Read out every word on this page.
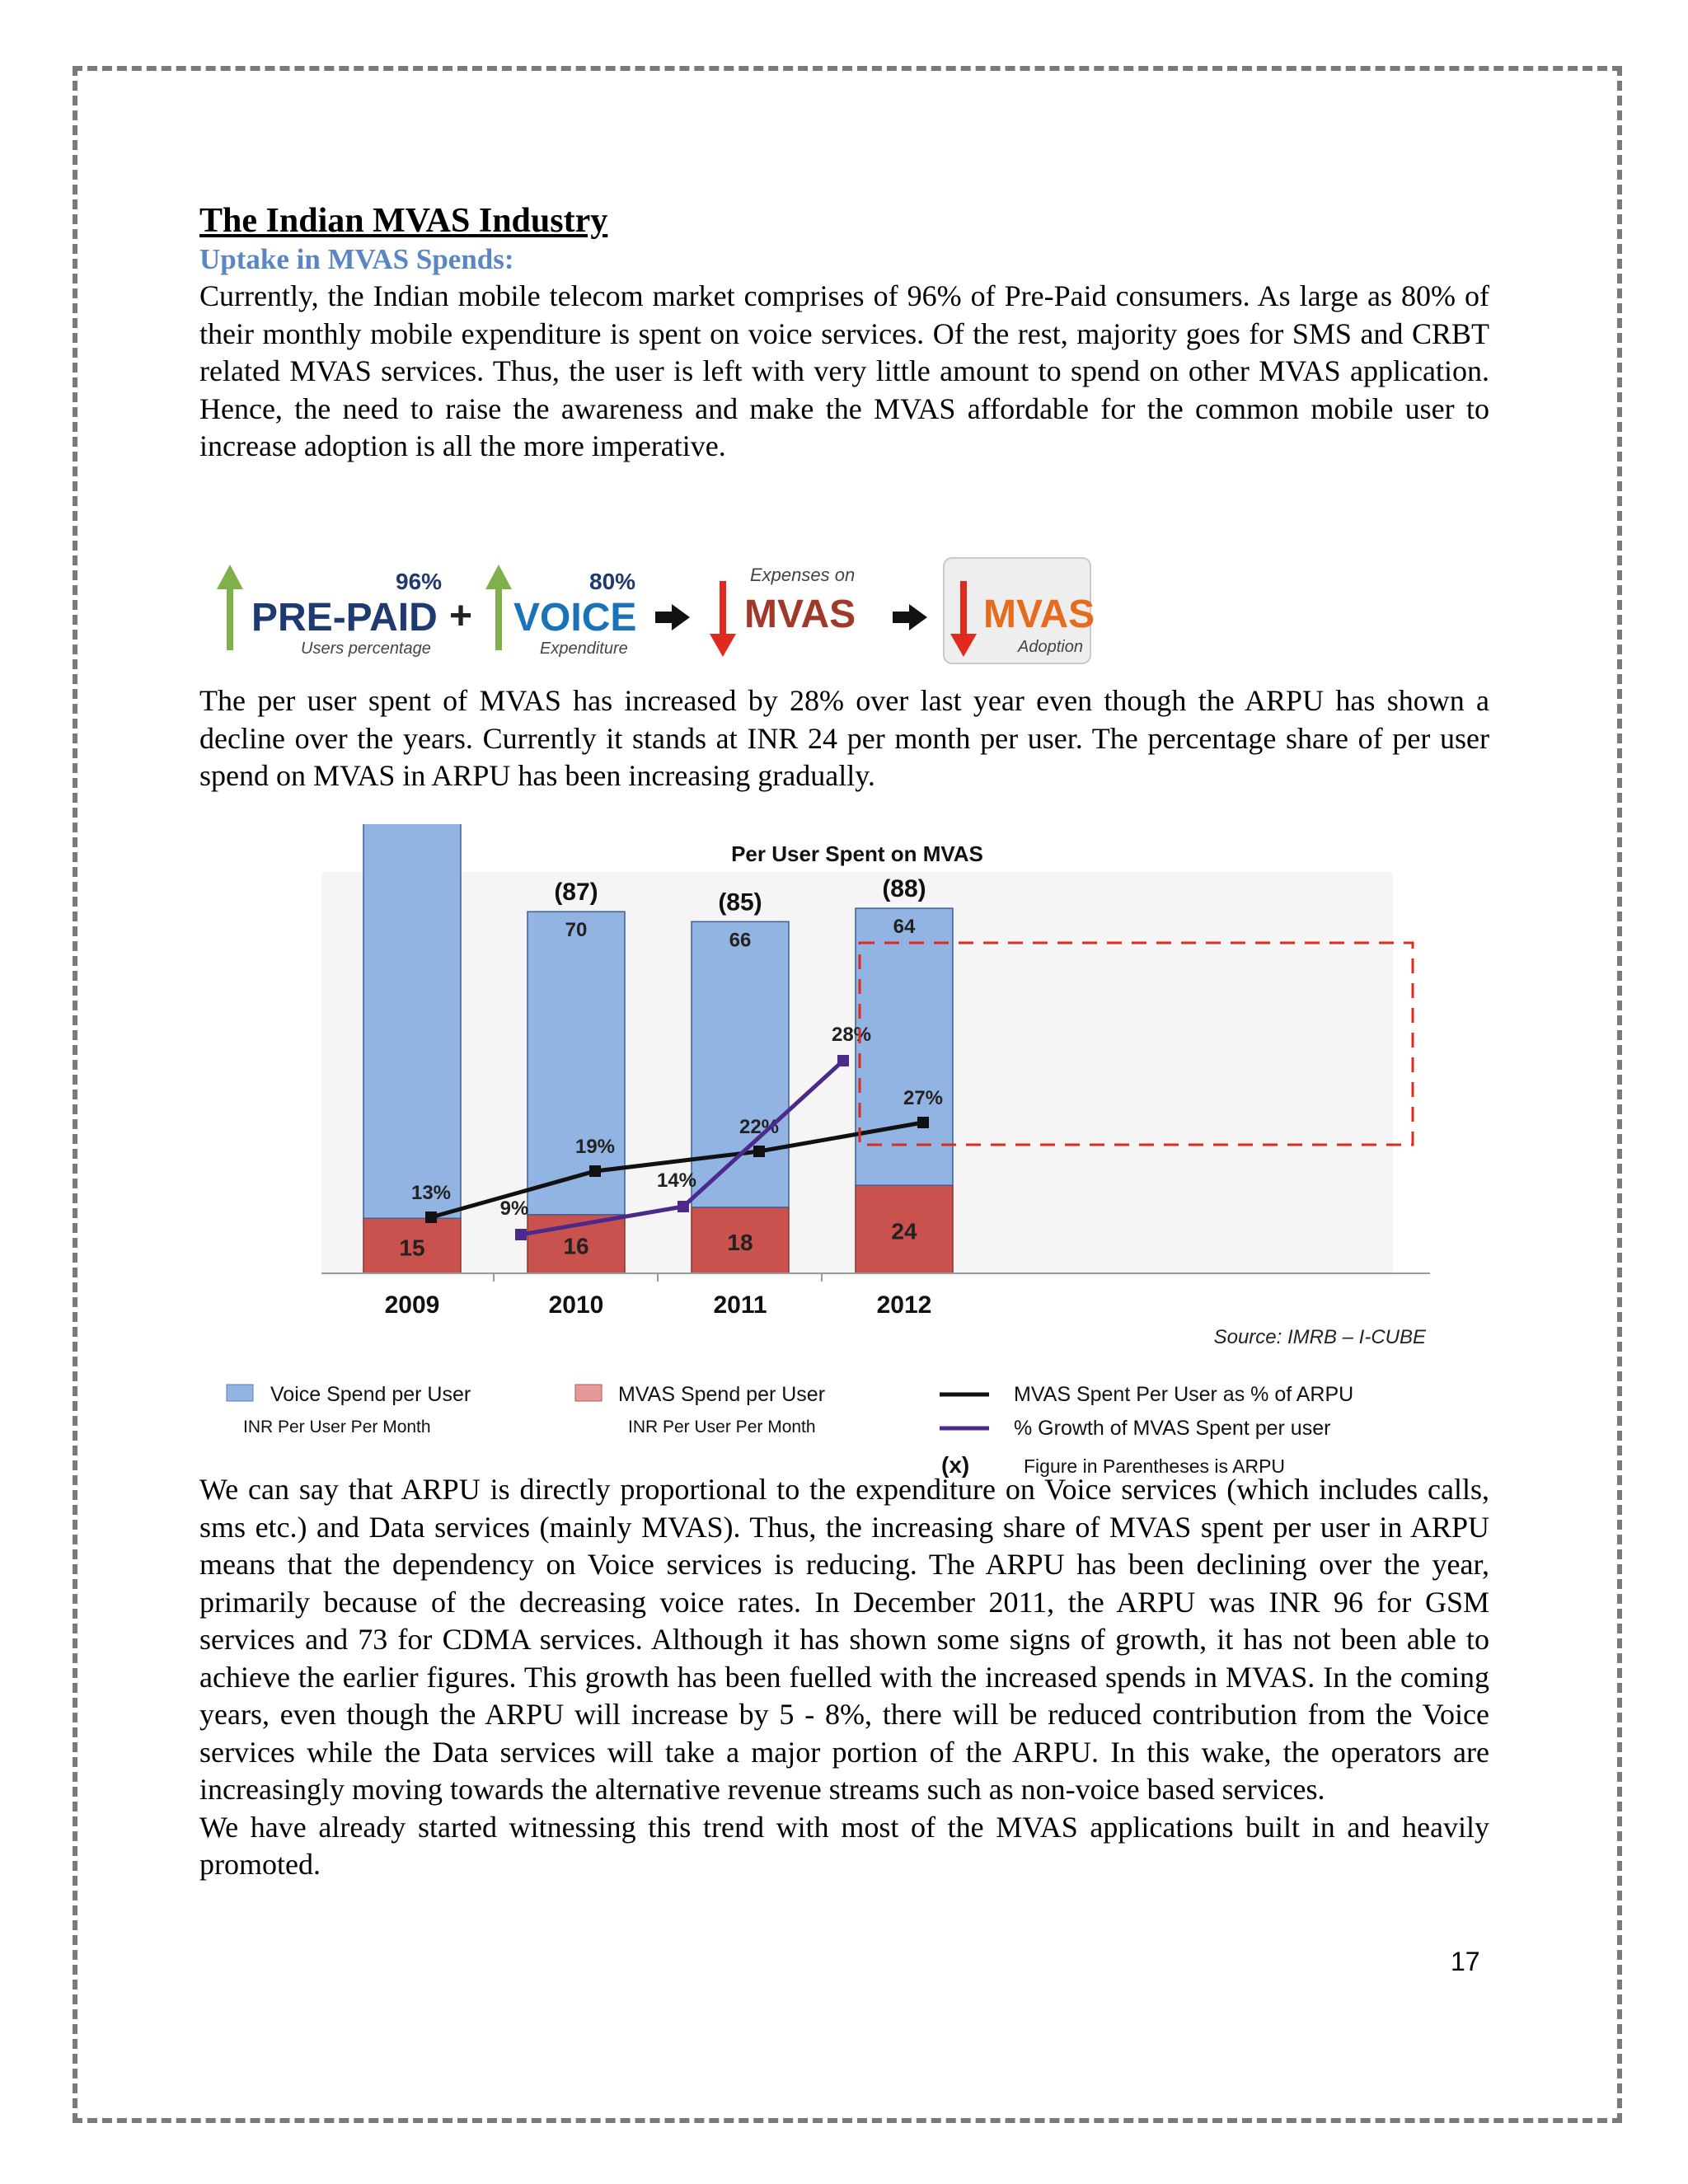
The Indian MVAS Industry
Uptake in MVAS Spends:

Currently, the Indian mobile telecom market comprises of 96% of Pre-Paid consumers. As large as 80% of their monthly mobile expenditure is spent on voice services. Of the rest, majority goes for SMS and CRBT related MVAS services. Thus, the user is left with very little amount to spend on other MVAS application. Hence, the need to raise the awareness and make the MVAS affordable for the common mobile user to increase adoption is all the more imperative.

96%
PRE-PAID
Users percentage
+
80%
VOICE
Expenditure
Expenses on
MVAS	MVAS
Adoption

The per user spent of MVAS has increased by 28% over last year even though the ARPU has shown a decline over the years. Currently it stands at INR 24 per month per user. The percentage share of per user spend on MVAS in ARPU has been increasing gradually.

Per User Spent on MVAS
15
2009
16
70
(87)
2010
18
66
(85)
2011
24
64
(88)
2012
13%
19%
22%
27%
9%
14%
28%
Source: IMRB – I-CUBE
Voice Spend per User
INR Per User Per Month
MVAS Spend per User
INR Per User Per Month
MVAS Spent Per User as % of ARPU
% Growth of MVAS Spent per user
(x)	Figure in Parentheses is ARPU

We can say that ARPU is directly proportional to the expenditure on Voice services (which includes calls, sms etc.) and Data services (mainly MVAS). Thus, the increasing share of MVAS spent per user in ARPU means that the dependency on Voice services is reducing. The ARPU has been declining over the year, primarily because of the decreasing voice rates. In December 2011, the ARPU was INR 96 for GSM services and 73 for CDMA services. Although it has shown some signs of growth, it has not been able to achieve the earlier figures. This growth has been fuelled with the increased spends in MVAS. In the coming years, even though the ARPU will increase by 5 - 8%, there will be reduced contribution from the Voice services while the Data services will take a major portion of the ARPU. In this wake, the operators are increasingly moving towards the alternative revenue streams such as non-voice based services.

We have already started witnessing this trend with most of the MVAS applications built in and heavily promoted.

17
